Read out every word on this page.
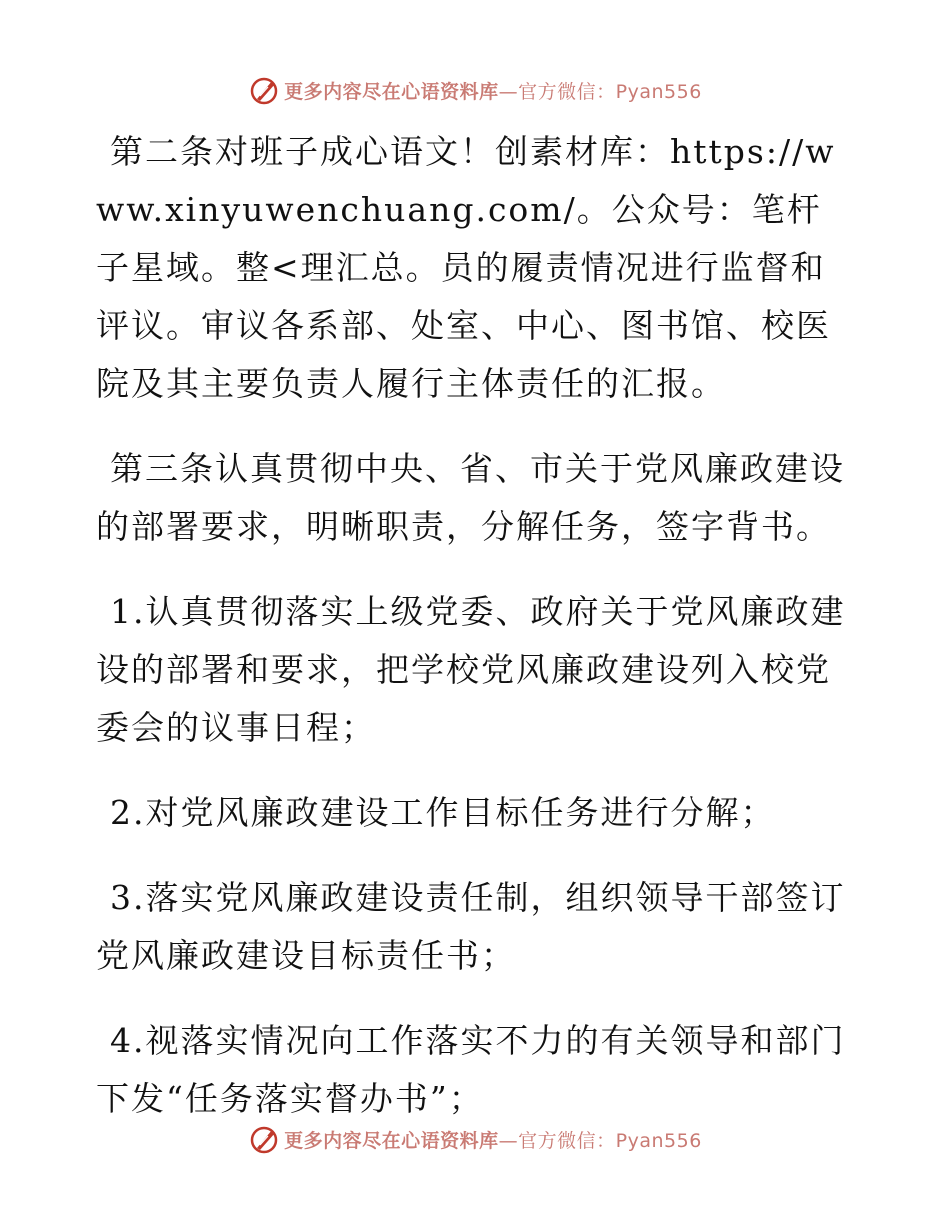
更多内容尽在心语资料库—官方微信：Pyan556

第二条对班子成心语文！创素材库：https://www.xinyuwenchuang.com/。公众号：笔杆子星域。整<理汇总。员的履责情况进行监督和评议。审议各系部、处室、中心、图书馆、校医院及其主要负责人履行主体责任的汇报。

第三条认真贯彻中央、省、市关于党风廉政建设的部署要求，明晰职责，分解任务，签字背书。

1.认真贯彻落实上级党委、政府关于党风廉政建设的部署和要求，把学校党风廉政建设列入校党委会的议事日程；

2.对党风廉政建设工作目标任务进行分解；

3.落实党风廉政建设责任制，组织领导干部签订党风廉政建设目标责任书；

4.视落实情况向工作落实不力的有关领导和部门下发“任务落实督办书”；

更多内容尽在心语资料库—官方微信：Pyan556
